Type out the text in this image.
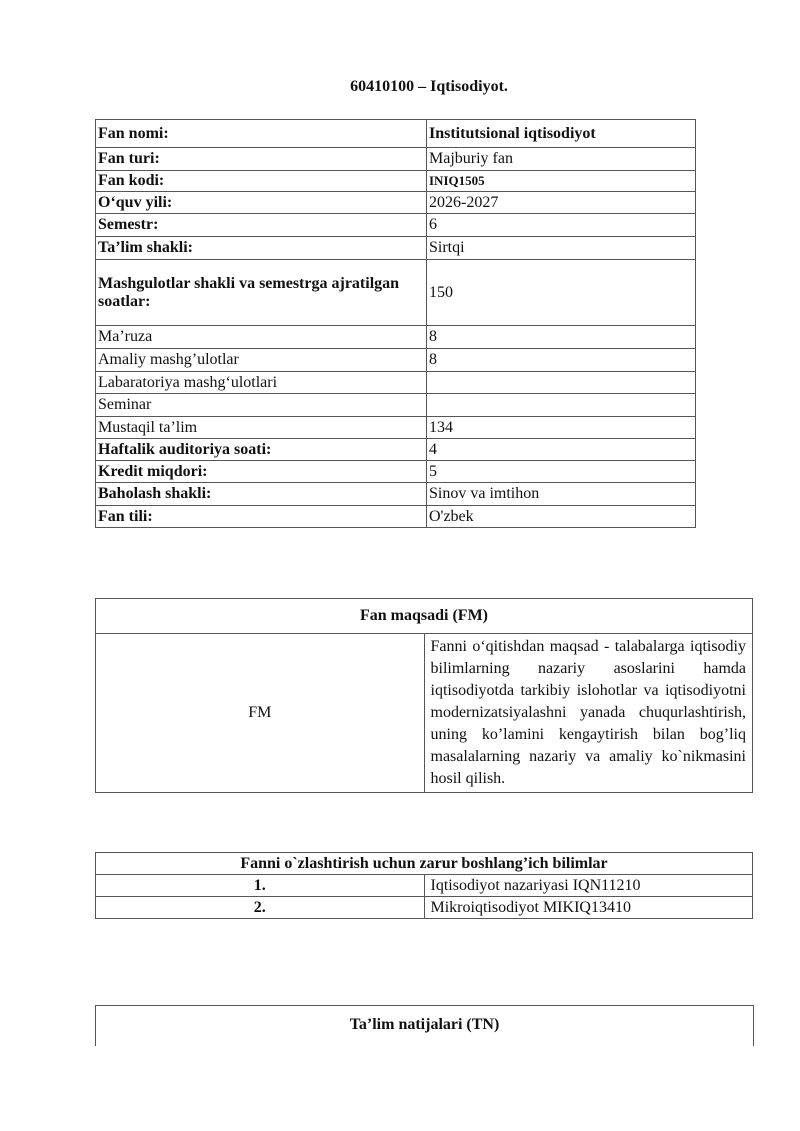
60410100 – Iqtisodiyot.
Fan nomi:	Institutsional iqtisodiyot
Fan turi:	Majburiy fan
Fan kodi:	INIQ1505
O‘quv yili:	2026-2027
Semestr:	6
Ta’lim shakli:	Sirtqi
Mashgulotlar shakli va semestrga ajratilgan soatlar:	150
Ma’ruza	8
Amaliy mashg’ulotlar	8
Labaratoriya mashg‘ulotlari	
Seminar	
Mustaqil ta’lim	134
Haftalik auditoriya soati:	4
Kredit miqdori:	5
Baholash shakli:	Sinov va imtihon
Fan tili:	O'zbek
Fan maqsadi (FM)
FM	Fanni o‘qitishdan maqsad - talabalarga iqtisodiy bilimlarning nazariy asoslarini hamda iqtisodiyotda tarkibiy islohotlar va iqtisodiyotni modernizatsiyalashni yanada chuqurlashtirish, uning ko’lamini kengaytirish bilan bog’liq masalalarning nazariy va amaliy ko`nikmasini hosil qilish.
Fanni o`zlashtirish uchun zarur boshlang’ich bilimlar	
1.	Iqtisodiyot nazariyasi IQN11210
2.	Mikroiqtisodiyot MIKIQ13410
Ta’lim natijalari (TN)
